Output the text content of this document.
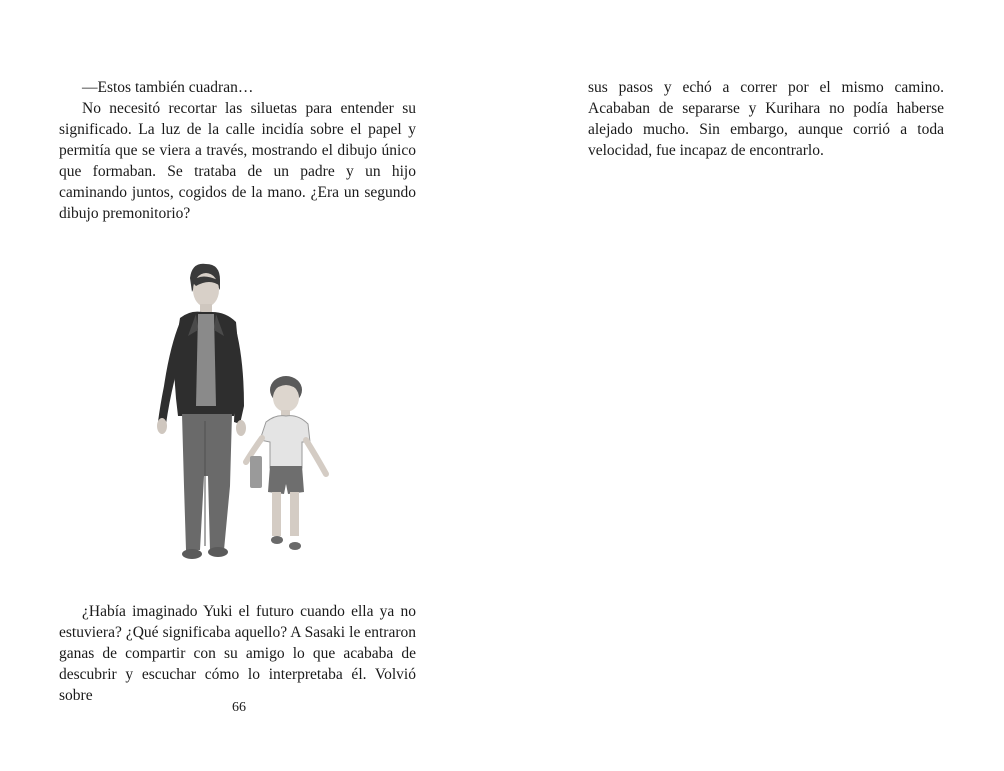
—Estos también cuadran…

No necesitó recortar las siluetas para entender su significado. La luz de la calle incidía sobre el papel y permitía que se viera a través, mostrando el dibujo único que formaban. Se trataba de un padre y un hijo caminando juntos, cogidos de la mano. ¿Era un segundo dibujo premonitorio?

¿Había imaginado Yuki el futuro cuando ella ya no estuviera? ¿Qué significaba aquello? A Sasaki le entraron ganas de compartir con su amigo lo que acababa de descubrir y escuchar cómo lo interpretaba él. Volvió sobre

66

sus pasos y echó a correr por el mismo camino. Acababan de separarse y Kurihara no podía haberse alejado mucho. Sin embargo, aunque corrió a toda velocidad, fue incapaz de encontrarlo.
